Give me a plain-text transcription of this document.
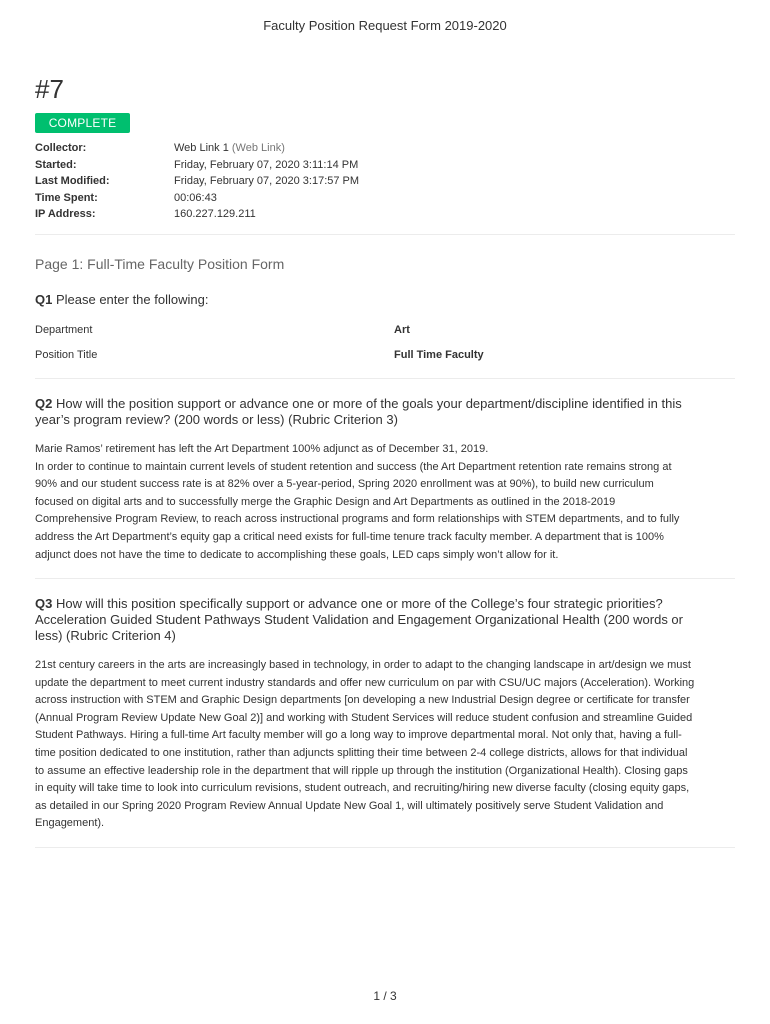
Faculty Position Request Form 2019-2020
#7
COMPLETE
Collector:	Web Link 1 (Web Link)
Started:	Friday, February 07, 2020 3:11:14 PM
Last Modified:	Friday, February 07, 2020 3:17:57 PM
Time Spent:	00:06:43
IP Address:	160.227.129.211
Page 1: Full-Time Faculty Position Form
Q1 Please enter the following:
Department	Art
Position Title	Full Time Faculty
Q2 How will the position support or advance one or more of the goals your department/discipline identified in this
year’s program review? (200 words or less) (Rubric Criterion 3)
Marie Ramos’ retirement has left the Art Department 100% adjunct as of December 31, 2019.
In order to continue to maintain current levels of student retention and success (the Art Department retention rate remains strong at
90% and our student success rate is at 82% over a 5-year-period, Spring 2020 enrollment was at 90%), to build new curriculum
focused on digital arts and to successfully merge the Graphic Design and Art Departments as outlined in the 2018-2019
Comprehensive Program Review, to reach across instructional programs and form relationships with STEM departments, and to fully
address the Art Department’s equity gap a critical need exists for full-time tenure track faculty member. A department that is 100%
adjunct does not have the time to dedicate to accomplishing these goals, LED caps simply won’t allow for it.
Q3 How will this position specifically support or advance one or more of the College’s four strategic priorities?
Acceleration Guided Student Pathways Student Validation and Engagement Organizational Health (200 words or
less) (Rubric Criterion 4)
21st century careers in the arts are increasingly based in technology, in order to adapt to the changing landscape in art/design we must
update the department to meet current industry standards and offer new curriculum on par with CSU/UC majors (Acceleration). Working
across instruction with STEM and Graphic Design departments [on developing a new Industrial Design degree or certificate for transfer
(Annual Program Review Update New Goal 2)] and working with Student Services will reduce student confusion and streamline Guided
Student Pathways. Hiring a full-time Art faculty member will go a long way to improve departmental moral. Not only that, having a full-
time position dedicated to one institution, rather than adjuncts splitting their time between 2-4 college districts, allows for that individual
to assume an effective leadership role in the department that will ripple up through the institution (Organizational Health). Closing gaps
in equity will take time to look into curriculum revisions, student outreach, and recruiting/hiring new diverse faculty (closing equity gaps,
as detailed in our Spring 2020 Program Review Annual Update New Goal 1, will ultimately positively serve Student Validation and
Engagement).
1 / 3
